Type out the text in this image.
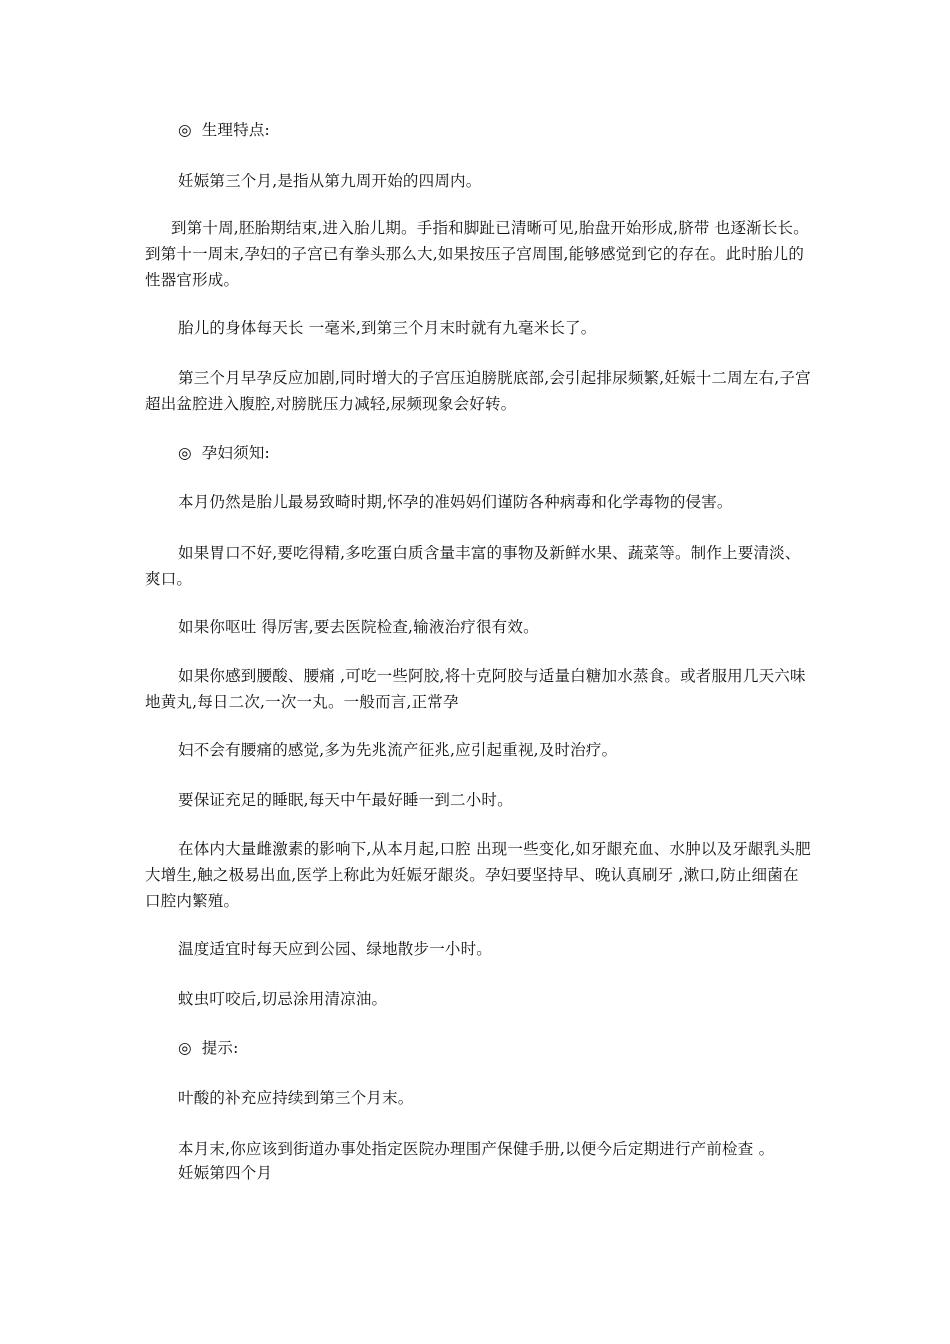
◎ 生理特点:

妊娠第三个月,是指从第九周开始的四周内。

到第十周,胚胎期结束,进入胎儿期。手指和脚趾已清晰可见,胎盘开始形成,脐带 也逐渐长长。到第十一周末,孕妇的子宫已有拳头那么大,如果按压子宫周围,能够感觉到它的存在。此时胎儿的性器官形成。

胎儿的身体每天长 一毫米,到第三个月末时就有九毫米长了。

第三个月早孕反应加剧,同时增大的子宫压迫膀胱底部,会引起排尿频繁,妊娠十二周左右,子宫超出盆腔进入腹腔,对膀胱压力减轻,尿频现象会好转。

◎ 孕妇须知:

本月仍然是胎儿最易致畸时期,怀孕的准妈妈们谨防各种病毒和化学毒物的侵害。

如果胃口不好,要吃得精,多吃蛋白质含量丰富的事物及新鲜水果、蔬菜等。制作上要清淡、爽口。

如果你呕吐 得厉害,要去医院检查,输液治疗很有效。

如果你感到腰酸、腰痛 ,可吃一些阿胶,将十克阿胶与适量白糖加水蒸食。或者服用几天六味地黄丸,每日二次,一次一丸。一般而言,正常孕

妇不会有腰痛的感觉,多为先兆流产征兆,应引起重视,及时治疗。

要保证充足的睡眠,每天中午最好睡一到二小时。

在体内大量雌激素的影响下,从本月起,口腔 出现一些变化,如牙龈充血、水肿以及牙龈乳头肥大增生,触之极易出血,医学上称此为妊娠牙龈炎。孕妇要坚持早、晚认真刷牙 ,漱口,防止细菌在口腔内繁殖。

温度适宜时每天应到公园、绿地散步一小时。

蚊虫叮咬后,切忌涂用清凉油。

◎ 提示:

叶酸的补充应持续到第三个月末。

本月末,你应该到街道办事处指定医院办理围产保健手册,以便今后定期进行产前检查 。

妊娠第四个月
